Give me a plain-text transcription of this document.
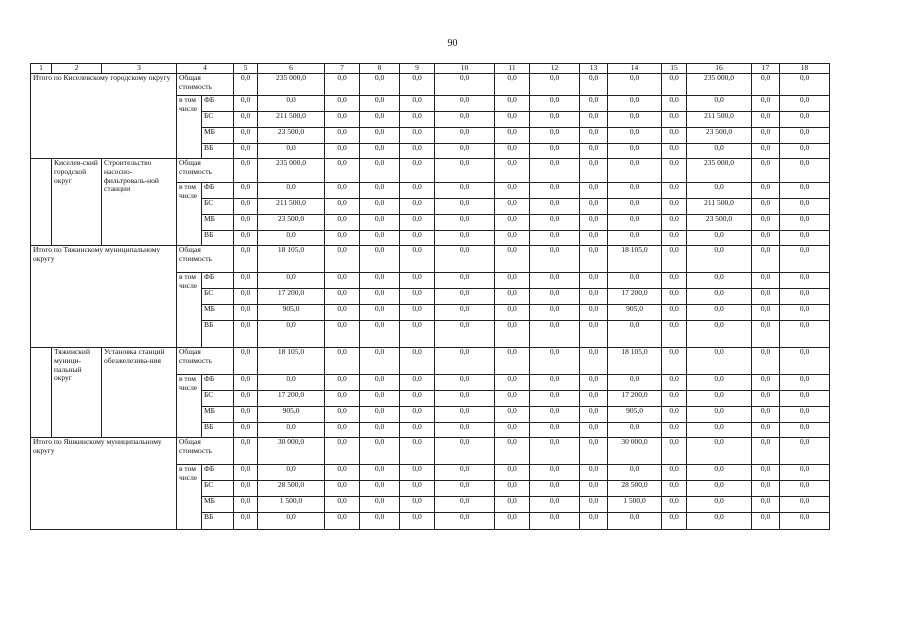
90
1	2	3	4		5	6	7	8	9	10	11	12	13	14	15	16	17	18
Итого по Киселевскому городскому округу			Общая стоимость		0,0	235 000,0	0,0	0,0	0,0	0,0	0,0	0,0	0,0	0,0	0,0	235 000,0	0,0	0,0
			в том числе	ФБ	0,0	0,0	0,0	0,0	0,0	0,0	0,0	0,0	0,0	0,0	0,0	0,0	0,0	0,0
				БС	0,0	211 500,0	0,0	0,0	0,0	0,0	0,0	0,0	0,0	0,0	0,0	211 500,0	0,0	0,0
				МБ	0,0	23 500,0	0,0	0,0	0,0	0,0	0,0	0,0	0,0	0,0	0,0	23 500,0	0,0	0,0
				ВБ	0,0	0,0	0,0	0,0	0,0	0,0	0,0	0,0	0,0	0,0	0,0	0,0	0,0	0,0
	Киселев-ский городской округ	Строительство насосно-фильтроваль-ной станции	Общая стоимость		0,0	235 000,0	0,0	0,0	0,0	0,0	0,0	0,0	0,0	0,0	0,0	235 000,0	0,0	0,0
			в том числе	ФБ	0,0	0,0	0,0	0,0	0,0	0,0	0,0	0,0	0,0	0,0	0,0	0,0	0,0	0,0
				БС	0,0	211 500,0	0,0	0,0	0,0	0,0	0,0	0,0	0,0	0,0	0,0	211 500,0	0,0	0,0
				МБ	0,0	23 500,0	0,0	0,0	0,0	0,0	0,0	0,0	0,0	0,0	0,0	23 500,0	0,0	0,0
				ВБ	0,0	0,0	0,0	0,0	0,0	0,0	0,0	0,0	0,0	0,0	0,0	0,0	0,0	0,0
Итого по Тяжинскому муниципальному округу			Общая стоимость		0,0	18 105,0	0,0	0,0	0,0	0,0	0,0	0,0	0,0	18 105,0	0,0	0,0	0,0	0,0
			в том числе	ФБ	0,0	0,0	0,0	0,0	0,0	0,0	0,0	0,0	0,0	0,0	0,0	0,0	0,0	0,0
				БС	0,0	17 200,0	0,0	0,0	0,0	0,0	0,0	0,0	0,0	17 200,0	0,0	0,0	0,0	0,0
				МБ	0,0	905,0	0,0	0,0	0,0	0,0	0,0	0,0	0,0	905,0	0,0	0,0	0,0	0,0
				ВБ	0,0	0,0	0,0	0,0	0,0	0,0	0,0	0,0	0,0	0,0	0,0	0,0	0,0	0,0
	Тяжинский муници-пальный округ	Установка станций обезжелезива-ния	Общая стоимость		0,0	18 105,0	0,0	0,0	0,0	0,0	0,0	0,0	0,0	18 105,0	0,0	0,0	0,0	0,0
			в том числе	ФБ	0,0	0,0	0,0	0,0	0,0	0,0	0,0	0,0	0,0	0,0	0,0	0,0	0,0	0,0
				БС	0,0	17 200,0	0,0	0,0	0,0	0,0	0,0	0,0	0,0	17 200,0	0,0	0,0	0,0	0,0
				МБ	0,0	905,0	0,0	0,0	0,0	0,0	0,0	0,0	0,0	905,0	0,0	0,0	0,0	0,0
				ВБ	0,0	0,0	0,0	0,0	0,0	0,0	0,0	0,0	0,0	0,0	0,0	0,0	0,0	0,0
Итого по Яшкинскому муниципальному округу			Общая стоимость		0,0	30 000,0	0,0	0,0	0,0	0,0	0,0	0,0	0,0	30 000,0	0,0	0,0	0,0	0,0
			в том числе	ФБ	0,0	0,0	0,0	0,0	0,0	0,0	0,0	0,0	0,0	0,0	0,0	0,0	0,0	0,0
				БС	0,0	28 500,0	0,0	0,0	0,0	0,0	0,0	0,0	0,0	28 500,0	0,0	0,0	0,0	0,0
				МБ	0,0	1 500,0	0,0	0,0	0,0	0,0	0,0	0,0	0,0	1 500,0	0,0	0,0	0,0	0,0
				ВБ	0,0	0,0	0,0	0,0	0,0	0,0	0,0	0,0	0,0	0,0	0,0	0,0	0,0	0,0
